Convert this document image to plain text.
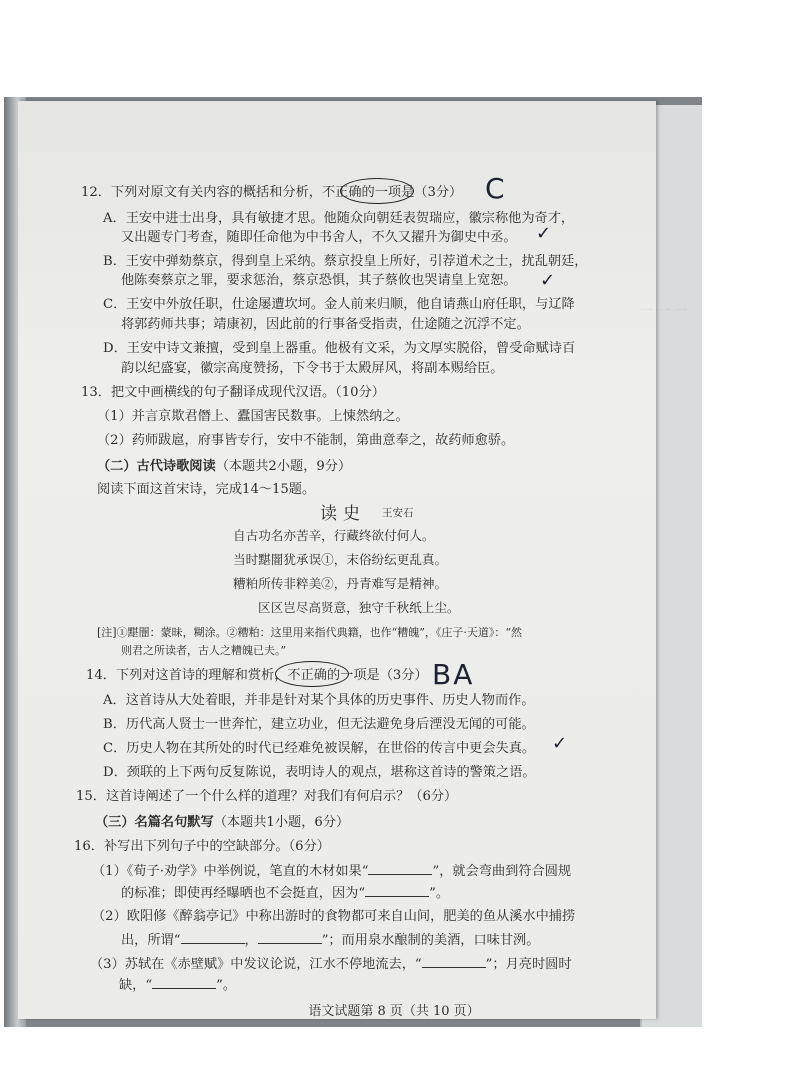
一 一 一
12．下列对原文有关内容的概括和分析，不正确的一项是（3分） C
A．王安中进士出身，具有敏捷才思。他随众向朝廷表贺瑞应，徽宗称他为奇才，
又出题专门考查，随即任命他为中书舍人，不久又擢升为御史中丞。 ✓
B．王安中弹劾蔡京，得到皇上采纳。蔡京投皇上所好，引荐道术之士，扰乱朝廷，
他陈奏蔡京之罪，要求惩治，蔡京恐惧，其子蔡攸也哭请皇上宽恕。 ✓
C．王安中外放任职，仕途屡遭坎坷。金人前来归顺，他自请燕山府任职，与辽降
将郭药师共事；靖康初，因此前的行事备受指责，仕途随之沉浮不定。
D．王安中诗文兼擅，受到皇上器重。他极有文采，为文厚实脱俗，曾受命赋诗百
韵以纪盛宴，徽宗高度赞扬，下令书于太殿屏风，将副本赐给臣。
13．把文中画横线的句子翻译成现代汉语。（10分）
（1）并言京欺君僭上、蠹国害民数事。上悚然纳之。
（2）药师跋扈，府事皆专行，安中不能制，第曲意奉之，故药师愈骄。
（二）古代诗歌阅读（本题共2小题，9分）
阅读下面这首宋诗，完成14～15题。
读史 王安石
自古功名亦苦辛，行藏终欲付何人。
当时黮闇犹承误①，末俗纷纭更乱真。
糟粕所传非粹美②，丹青难写是精神。
区区岂尽高贤意，独守千秋纸上尘。
[注]①黮闇：蒙昧，糊涂。②糟粕：这里用来指代典籍，也作“糟魄”，《庄子·天道》：“然
则君之所读者，古人之糟魄已夫。”
14．下列对这首诗的理解和赏析，不正确的一项是（3分） BA
A．这首诗从大处着眼，并非是针对某个具体的历史事件、历史人物而作。
B．历代高人贤士一世奔忙，建立功业，但无法避免身后湮没无闻的可能。
C．历史人物在其所处的时代已经难免被误解，在世俗的传言中更会失真。 ✓
D．颈联的上下两句反复陈说，表明诗人的观点，堪称这首诗的警策之语。
15．这首诗阐述了一个什么样的道理？对我们有何启示？（6分）
（三）名篇名句默写（本题共1小题，6分）
16．补写出下列句子中的空缺部分。（6分）
（1）《荀子·劝学》中举例说，笔直的木材如果“	”，就会弯曲到符合圆规
的标准；即使再经曝晒也不会挺直，因为“	”。
（2）欧阳修《醉翁亭记》中称出游时的食物都可来自山间，肥美的鱼从溪水中捕捞
出，所谓“	，	”；而用泉水酿制的美酒，口味甘洌。
（3）苏轼在《赤壁赋》中发议论说，江水不停地流去，“	”；月亮时圆时
缺，“	”。
语文试题第 8 页（共 10 页）
